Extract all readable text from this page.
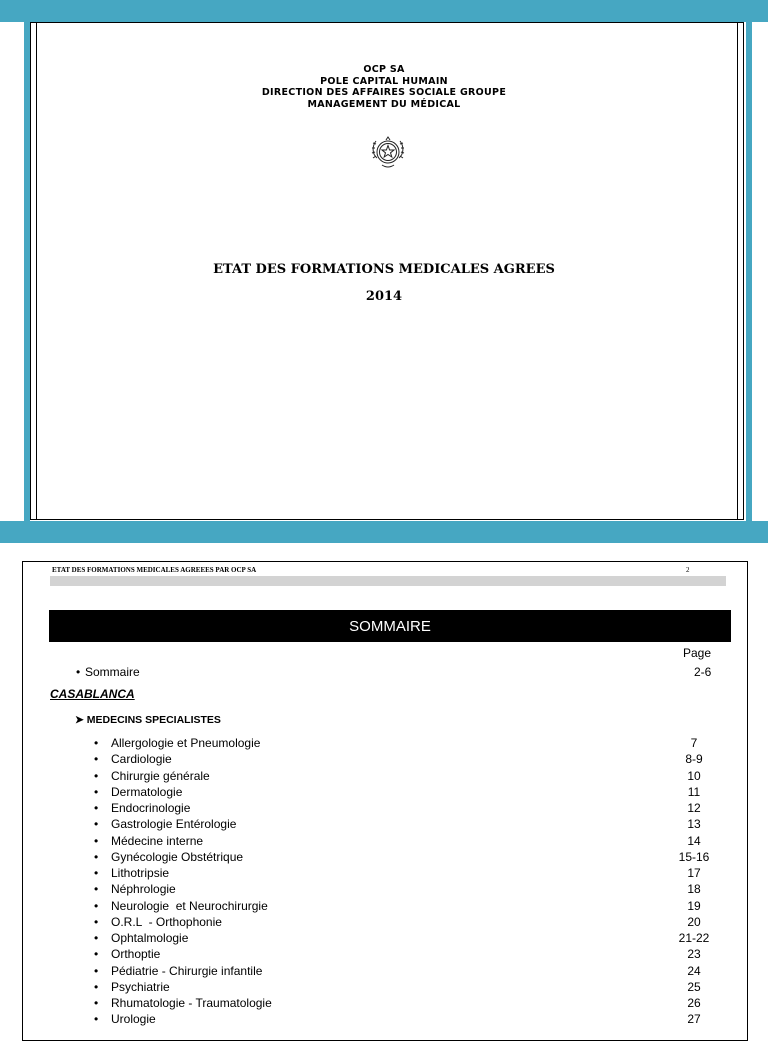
OCP SA
POLE CAPITAL HUMAIN
DIRECTION DES AFFAIRES SOCIALE GROUPE
MANAGEMENT DU MÉDICAL
ETAT DES FORMATIONS MEDICALES AGREES
2014
ETAT DES FORMATIONS MEDICALES AGREEES PAR OCP SA	2
SOMMAIRE
Page
• Sommaire	2-6
CASABLANCA
➤ MEDECINS SPECIALISTES
• Allergologie et Pneumologie	7
• Cardiologie	8-9
• Chirurgie générale	10
• Dermatologie	11
• Endocrinologie	12
• Gastrologie Entérologie	13
• Médecine interne	14
• Gynécologie Obstétrique	15-16
• Lithotripsie	17
• Néphrologie	18
• Neurologie  et Neurochirurgie	19
• O.R.L  - Orthophonie	20
• Ophtalmologie	21-22
• Orthoptie	23
• Pédiatrie - Chirurgie infantile	24
• Psychiatrie	25
• Rhumatologie - Traumatologie	26
• Urologie	27
